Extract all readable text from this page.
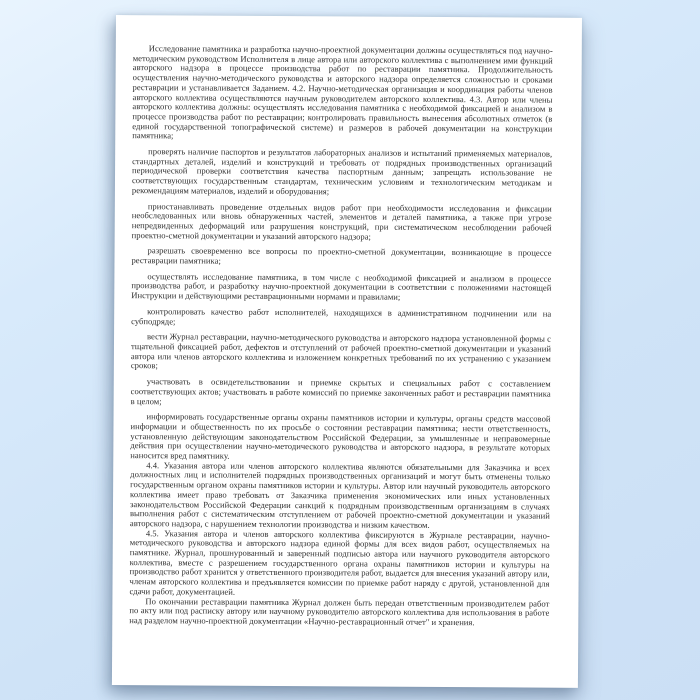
Исследование памятника и разработка научно-проектной документации должны осуществляться под научно- методическим руководством Исполнителя в лице автора или авторского коллектива с выполнением ими функций авторского надзора в процессе производства работ по реставрации памятника. Продолжительность осуществления научно-методического руководства и авторского надзора определяется сложностью и сроками реставрации и устанавливается Заданием. 4.2. Научно-методическая организация и координация работы членов авторского коллектива осуществляются научным руководителем авторского коллектива. 4.3. Автор или члены авторского коллектива должны: осуществлять исследования памятника с необходимой фиксацией и анализом в процессе производства работ по реставрации; контролировать правильность вынесения абсолютных отметок (в единой государственной топографической системе) и размеров в рабочей документации на конструкции памятника;

проверять наличие паспортов и результатов лабораторных анализов и испытаний применяемых материалов, стандартных деталей, изделий и конструкций и требовать от подрядных производственных организаций периодической проверки соответствия качества паспортным данным; запрещать использование не соответствующих государственным стандартам, техническим условиям и технологическим методикам и рекомендациям материалов, изделий и оборудования;

приостанавливать проведение отдельных видов работ при необходимости исследования и фиксации необследованных или вновь обнаруженных частей, элементов и деталей памятника, а также при угрозе непредвиденных деформаций или разрушения конструкций, при систематическом несоблюдении рабочей проектно-сметной документации и указаний авторского надзора;

разрешать своевременно все вопросы по проектно-сметной документации, возникающие в процессе реставрации памятника;

осуществлять исследование памятника, в том числе с необходимой фиксацией и анализом в процессе производства работ, и разработку научно-проектной документации в соответствии с положениями настоящей Инструкции и действующими реставрационными нормами и правилами;

контролировать качество работ исполнителей, находящихся в административном подчинении или на субподряде;

вести Журнал реставрации, научно-методического руководства и авторского надзора установленной формы с тщательной фиксацией работ, дефектов и отступлений от рабочей проектно-сметной документации и указаний автора или членов авторского коллектива и изложением конкретных требований по их устранению с указанием сроков;

участвовать в освидетельствовании и приемке скрытых и специальных работ с составлением соответствующих актов; участвовать в работе комиссий по приемке законченных работ и реставрации памятника в целом;

информировать государственные органы охраны памятников истории и культуры, органы средств массовой информации и общественность по их просьбе о состоянии реставрации памятника; нести ответственность, установленную действующим законодательством Российской Федерации, за умышленные и неправомерные действия при осуществлении научно-методического руководства и авторского надзора, в результате которых наносится вред памятнику.

4.4. Указания автора или членов авторского коллектива являются обязательными для Заказчика и всех должностных лиц и исполнителей подрядных производственных организаций и могут быть отменены только государственным органом охраны памятников истории и культуры. Автор или научный руководитель авторского коллектива имеет право требовать от Заказчика применения экономических или иных установленных законодательством Российской Федерации санкций к подрядным производственным организациям в случаях выполнения работ с систематическим отступлением от рабочей проектно-сметной документации и указаний авторского надзора, с нарушением технологии производства и низким качеством.

4.5. Указания автора и членов авторского коллектива фиксируются в Журнале реставрации, научно-методического руководства и авторского надзора единой формы для всех видов работ, осуществляемых на памятнике. Журнал, прошнурованный и заверенный подписью автора или научного руководителя авторского коллектива, вместе с разрешением государственного органа охраны памятников истории и культуры на производство работ хранится у ответственного производителя работ, выдается для внесения указаний автору или, членам авторского коллектива и предъявляется комиссии по приемке работ наряду с другой, установленной для сдачи работ, документацией.

По окончании реставрации памятника Журнал должен быть передан ответственным производителем работ по акту или под расписку автору или научному руководителю авторского коллектива для использования в работе над разделом научно-проектной документации «Научно-реставрационный отчет" и хранения.
